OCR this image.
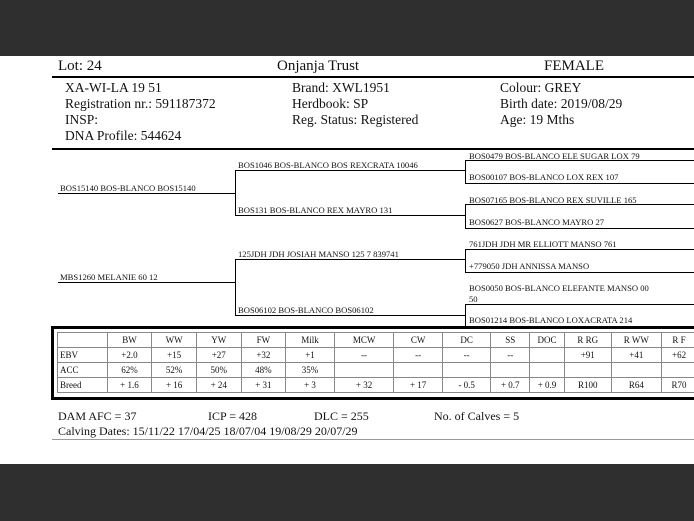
Lot: 24	Onjanja Trust	FEMALE
XA-WI-LA 19 51
Registration nr.: 591187372
INSP:
DNA Profile: 544624
Brand: XWL1951
Herdbook: SP
Reg. Status: Registered
Colour: GREY
Birth date: 2019/08/29
Age: 19 Mths
BOS15140 BOS-BLANCO BOS15140
MBS1260 MELANIE 60 12
BOS1046 BOS-BLANCO BOS REXCRATA 10046
BOS131 BOS-BLANCO REX MAYRO 131
125JDH JDH JOSIAH MANSO 125 7 839741
BOS06102 BOS-BLANCO BOS06102
BOS0479 BOS-BLANCO ELE SUGAR LOX 79
BOS00107 BOS-BLANCO LOX REX 107
BOS07165 BOS-BLANCO REX SUVILLE 165
BOS0627 BOS-BLANCO MAYRO 27
761JDH JDH MR ELLIOTT MANSO 761
+779050 JDH ANNISSA MANSO
BOS0050 BOS-BLANCO ELEFANTE MANSO 00
50
BOS01214 BOS-BLANCO LOXACRATA 214
	BW	WW	YW	FW	Milk	MCW	CW	DC	SS	DOC	R RG	R WW	R F
EBV	+2.0	+15	+27	+32	+1	--	--	--	--		+91	+41	+62
ACC	62%	52%	50%	48%	35%								
Breed	+ 1.6	+ 16	+ 24	+ 31	+ 3	+ 32	+ 17	- 0.5	+ 0.7	+ 0.9	R100	R64	R70
DAM AFC = 37	ICP = 428	DLC = 255	No. of Calves = 5
Calving Dates: 15/11/22 17/04/25 18/07/04 19/08/29 20/07/29
